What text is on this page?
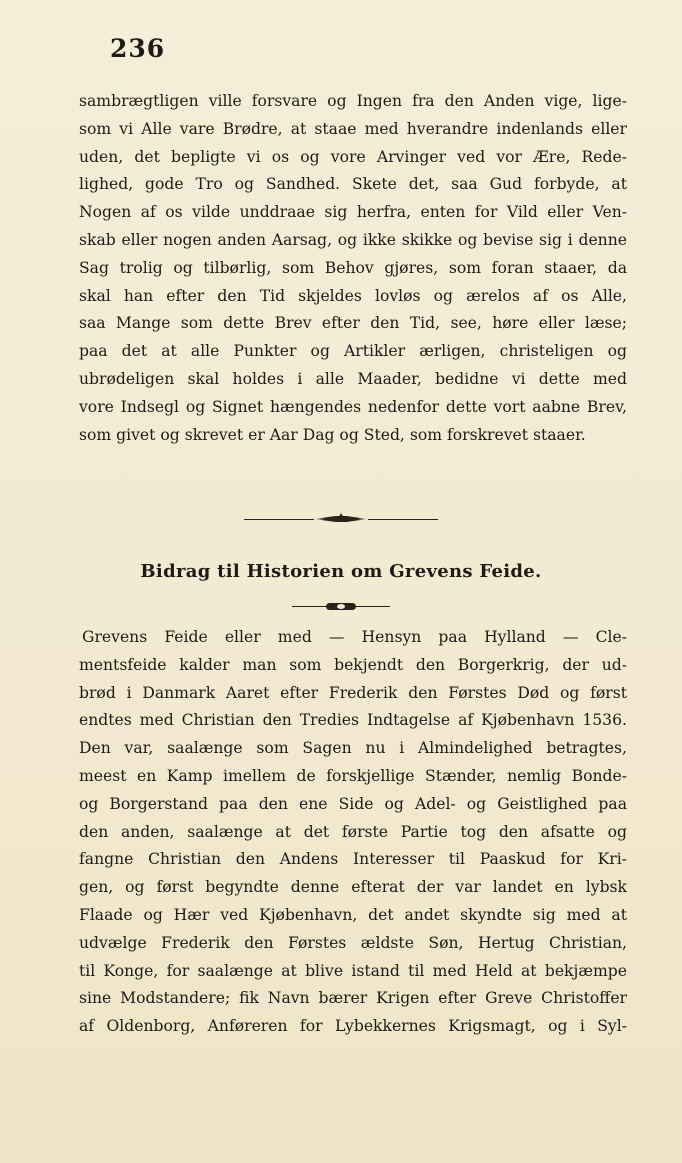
236
sambrægtligen ville forsvare og Ingen fra den Anden vige, lige‑
som vi Alle vare Brødre, at staae med hverandre indenlands eller
uden, det bepligte vi os og vore Arvinger ved vor Ære, Rede‑
lighed, gode Tro og Sandhed. Skete det, saa Gud forbyde, at
Nogen af os vilde unddraae sig herfra, enten for Vild eller Ven‑
skab eller nogen anden Aarsag, og ikke skikke og bevise sig i denne
Sag trolig og tilbørlig, som Behov gjøres, som foran staaer, da
skal han efter den Tid skjeldes lovløs og ærelos af os Alle,
saa Mange som dette Brev efter den Tid, see, høre eller læse;
paa det at alle Punkter og Artikler ærligen, christeligen og
ubrødeligen skal holdes i alle Maader, bedidne vi dette med
vore Indsegl og Signet hængendes nedenfor dette vort aabne Brev,
som givet og skrevet er Aar Dag og Sted, som forskrevet staaer.
✦
Bidrag til Historien om Grevens Feide.
Grevens Feide eller med — Hensyn paa Hylland — Cle‑
mentsfeide kalder man som bekjendt den Borgerkrig, der ud‑
brød i Danmark Aaret efter Frederik den Førstes Død og først
endtes med Christian den Tredies Indtagelse af Kjøbenhavn 1536.
Den var, saalænge som Sagen nu i Almindelighed betragtes,
meest en Kamp imellem de forskjellige Stænder, nemlig Bonde‑
og Borgerstand paa den ene Side og Adel‑ og Geistlighed paa
den anden, saalænge at det første Partie tog den afsatte og
fangne Christian den Andens Interesser til Paaskud for Kri‑
gen, og først begyndte denne efterat der var landet en lybsk
Flaade og Hær ved Kjøbenhavn, det andet skyndte sig med at
udvælge Frederik den Førstes ældste Søn, Hertug Christian,
til Konge, for saalænge at blive istand til med Held at bekjæmpe
sine Modstandere; fik Navn bærer Krigen efter Greve Christoffer
af Oldenborg, Anføreren for Lybekkernes Krigsmagt, og i Syl‑
